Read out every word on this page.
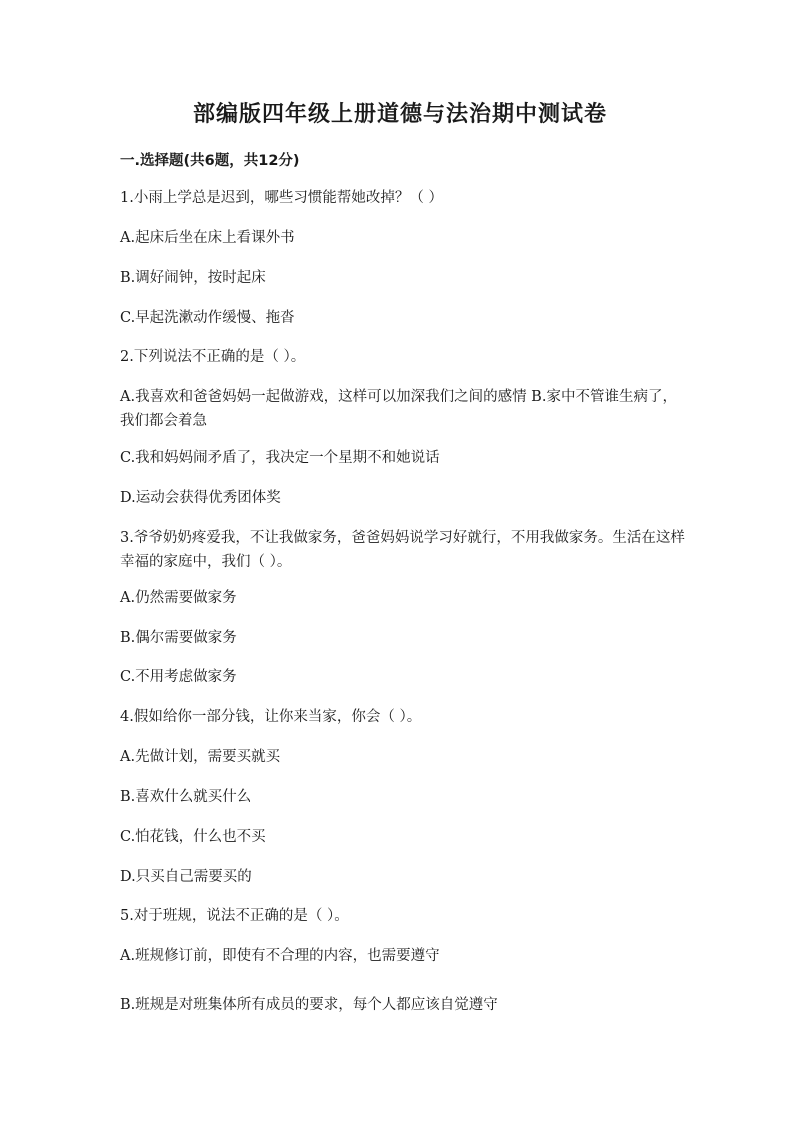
部编版四年级上册道德与法治期中测试卷
一.选择题(共6题，共12分)
1.小雨上学总是迟到，哪些习惯能帮她改掉？（ ）
A.起床后坐在床上看课外书
B.调好闹钟，按时起床
C.早起洗漱动作缓慢、拖沓
2.下列说法不正确的是（ ）。
A.我喜欢和爸爸妈妈一起做游戏，这样可以加深我们之间的感情 B.家中不管谁生病了，我们都会着急
C.我和妈妈闹矛盾了，我决定一个星期不和她说话
D.运动会获得优秀团体奖
3.爷爷奶奶疼爱我，不让我做家务，爸爸妈妈说学习好就行，不用我做家务。生活在这样幸福的家庭中，我们（ ）。
A.仍然需要做家务
B.偶尔需要做家务
C.不用考虑做家务
4.假如给你一部分钱，让你来当家，你会（ ）。
A.先做计划，需要买就买
B.喜欢什么就买什么
C.怕花钱，什么也不买
D.只买自己需要买的
5.对于班规，说法不正确的是（ ）。
A.班规修订前，即使有不合理的内容，也需要遵守
B.班规是对班集体所有成员的要求，每个人都应该自觉遵守
